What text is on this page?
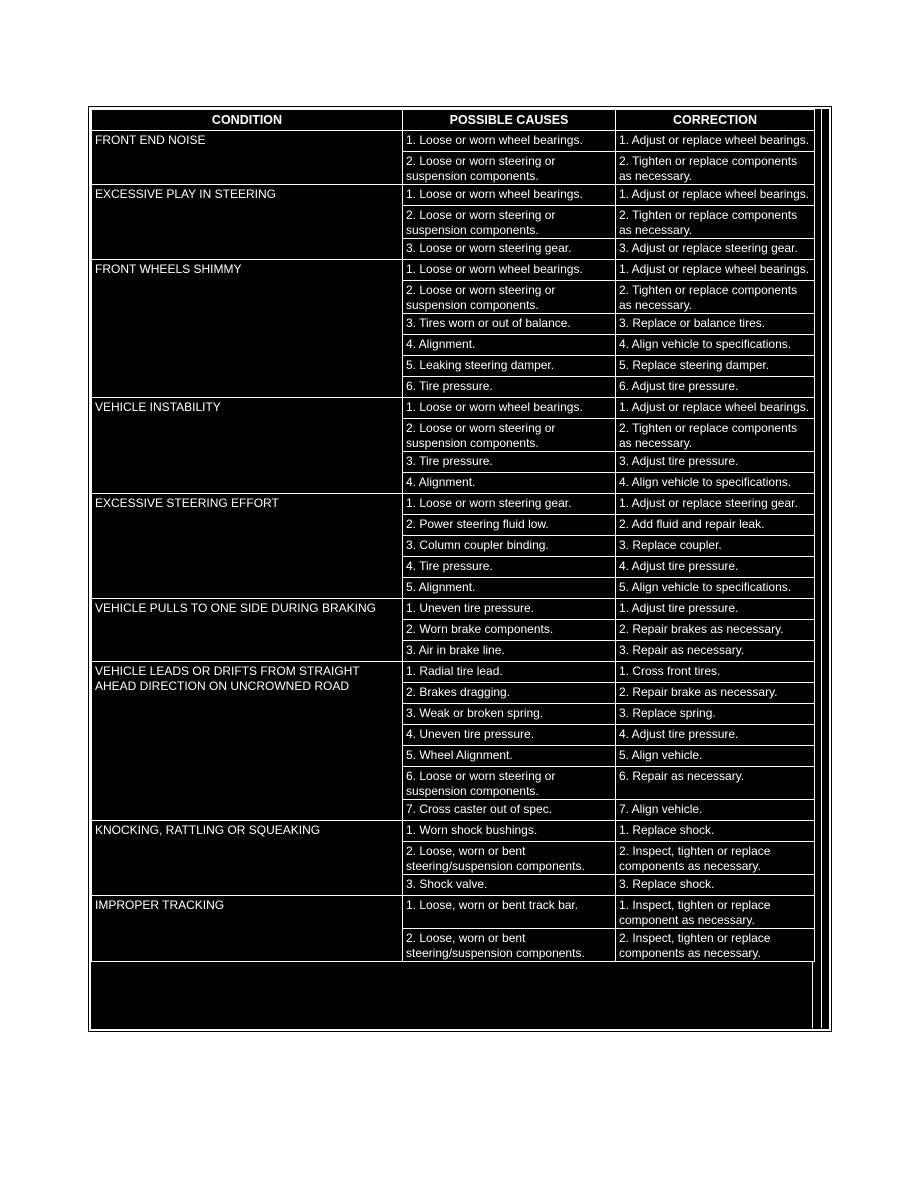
CONDITION	POSSIBLE CAUSES	CORRECTION
FRONT END NOISE	1. Loose or worn wheel bearings.	1. Adjust or replace wheel bearings.
	2. Loose or worn steering or suspension components.	2. Tighten or replace components as necessary.
EXCESSIVE PLAY IN STEERING	1. Loose or worn wheel bearings.	1. Adjust or replace wheel bearings.
	2. Loose or worn steering or suspension components.	2. Tighten or replace components as necessary.
	3. Loose or worn steering gear.	3. Adjust or replace steering gear.
FRONT WHEELS SHIMMY	1. Loose or worn wheel bearings.	1. Adjust or replace wheel bearings.
	2. Loose or worn steering or suspension components.	2. Tighten or replace components as necessary.
	3. Tires worn or out of balance.	3. Replace or balance tires.
	4. Alignment.	4. Align vehicle to specifications.
	5. Leaking steering damper.	5. Replace steering damper.
	6. Tire pressure.	6. Adjust tire pressure.
VEHICLE INSTABILITY	1. Loose or worn wheel bearings.	1. Adjust or replace wheel bearings.
	2. Loose or worn steering or suspension components.	2. Tighten or replace components as necessary.
	3. Tire pressure.	3. Adjust tire pressure.
	4. Alignment.	4. Align vehicle to specifications.
EXCESSIVE STEERING EFFORT	1. Loose or worn steering gear.	1. Adjust or replace steering gear.
	2. Power steering fluid low.	2. Add fluid and repair leak.
	3. Column coupler binding.	3. Replace coupler.
	4. Tire pressure.	4. Adjust tire pressure.
	5. Alignment.	5. Align vehicle to specifications.
VEHICLE PULLS TO ONE SIDE DURING BRAKING	1. Uneven tire pressure.	1. Adjust tire pressure.
	2. Worn brake components.	2. Repair brakes as necessary.
	3. Air in brake line.	3. Repair as necessary.
VEHICLE LEADS OR DRIFTS FROM STRAIGHT AHEAD DIRECTION ON UNCROWNED ROAD	1. Radial tire lead.	1. Cross front tires.
	2. Brakes dragging.	2. Repair brake as necessary.
	3. Weak or broken spring.	3. Replace spring.
	4. Uneven tire pressure.	4. Adjust tire pressure.
	5. Wheel Alignment.	5. Align vehicle.
	6. Loose or worn steering or suspension components.	6. Repair as necessary.
	7. Cross caster out of spec.	7. Align vehicle.
KNOCKING, RATTLING OR SQUEAKING	1. Worn shock bushings.	1. Replace shock.
	2. Loose, worn or bent steering/suspension components.	2. Inspect, tighten or replace components as necessary.
	3. Shock valve.	3. Replace shock.
IMPROPER TRACKING	1. Loose, worn or bent track bar.	1. Inspect, tighten or replace component as necessary.
	2. Loose, worn or bent steering/suspension components.	2. Inspect, tighten or replace components as necessary.
